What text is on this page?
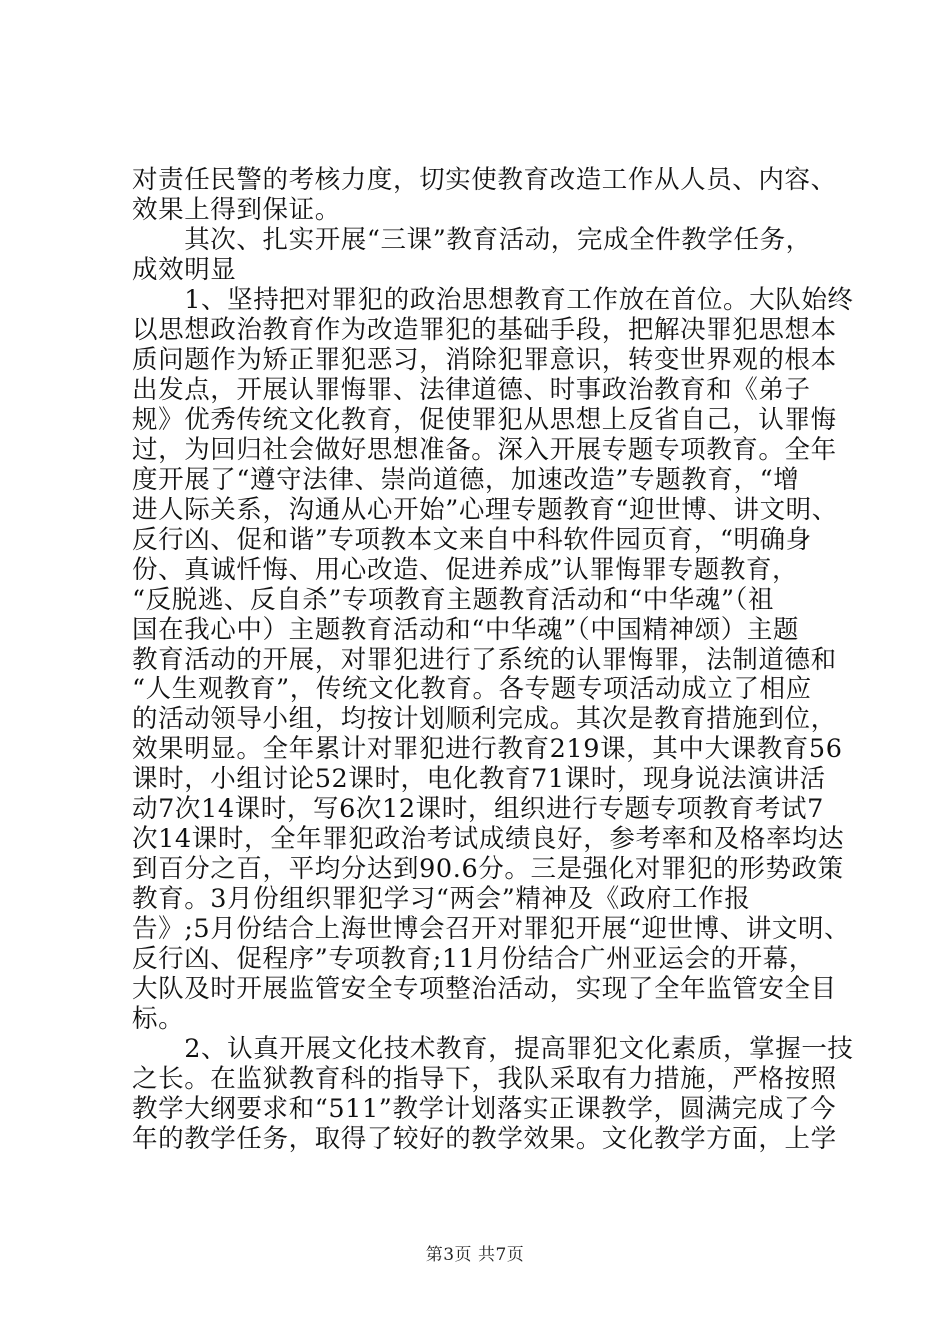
对责任民警的考核力度，切实使教育改造工作从人员、内容、
效果上得到保证。
　　其次、扎实开展“三课”教育活动，完成全件教学任务，
成效明显
　　1、坚持把对罪犯的政治思想教育工作放在首位。大队始终
以思想政治教育作为改造罪犯的基础手段，把解决罪犯思想本
质问题作为矫正罪犯恶习，消除犯罪意识，转变世界观的根本
出发点，开展认罪悔罪、法律道德、时事政治教育和《弟子
规》优秀传统文化教育，促使罪犯从思想上反省自己，认罪悔
过，为回归社会做好思想准备。深入开展专题专项教育。全年
度开展了“遵守法律、崇尚道德，加速改造”专题教育，“增
进人际关系，沟通从心开始”心理专题教育“迎世博、讲文明、
反行凶、促和谐”专项教本文来自中科软件园页育，“明确身
份、真诚忏悔、用心改造、促进养成”认罪悔罪专题教育，
“反脱逃、反自杀”专项教育主题教育活动和“中华魂”（祖
国在我心中）主题教育活动和“中华魂”（中国精神颂）主题
教育活动的开展，对罪犯进行了系统的认罪悔罪，法制道德和
“人生观教育”，传统文化教育。各专题专项活动成立了相应
的活动领导小组，均按计划顺利完成。其次是教育措施到位，
效果明显。全年累计对罪犯进行教育219课，其中大课教育56
课时，小组讨论52课时，电化教育71课时，现身说法演讲活
动7次14课时，写6次12课时，组织进行专题专项教育考试7
次14课时，全年罪犯政治考试成绩良好，参考率和及格率均达
到百分之百，平均分达到90.6分。三是强化对罪犯的形势政策
教育。3月份组织罪犯学习“两会”精神及《政府工作报
告》;5月份结合上海世博会召开对罪犯开展“迎世博、讲文明、
反行凶、促程序”专项教育;11月份结合广州亚运会的开幕，
大队及时开展监管安全专项整治活动，实现了全年监管安全目
标。
　　2、认真开展文化技术教育，提高罪犯文化素质，掌握一技
之长。在监狱教育科的指导下，我队采取有力措施，严格按照
教学大纲要求和“511”教学计划落实正课教学，圆满完成了今
年的教学任务，取得了较好的教学效果。文化教学方面，上学
第3页 共7页
